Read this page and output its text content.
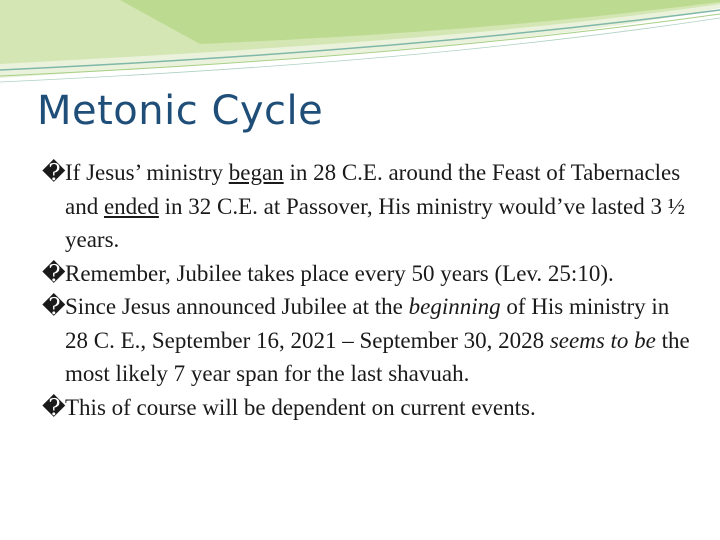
Metonic Cycle
�If Jesus’ ministry began in 28 C.E. around the Feast of Tabernacles and ended in 32 C.E. at Passover, His ministry would’ve lasted 3 ½ years.
�Remember, Jubilee takes place every 50 years (Lev. 25:10).
�Since Jesus announced Jubilee at the beginning of His ministry in 28 C. E., September 16, 2021 – September 30, 2028 seems to be the most likely 7 year span for the last shavuah.
�This of course will be dependent on current events.
